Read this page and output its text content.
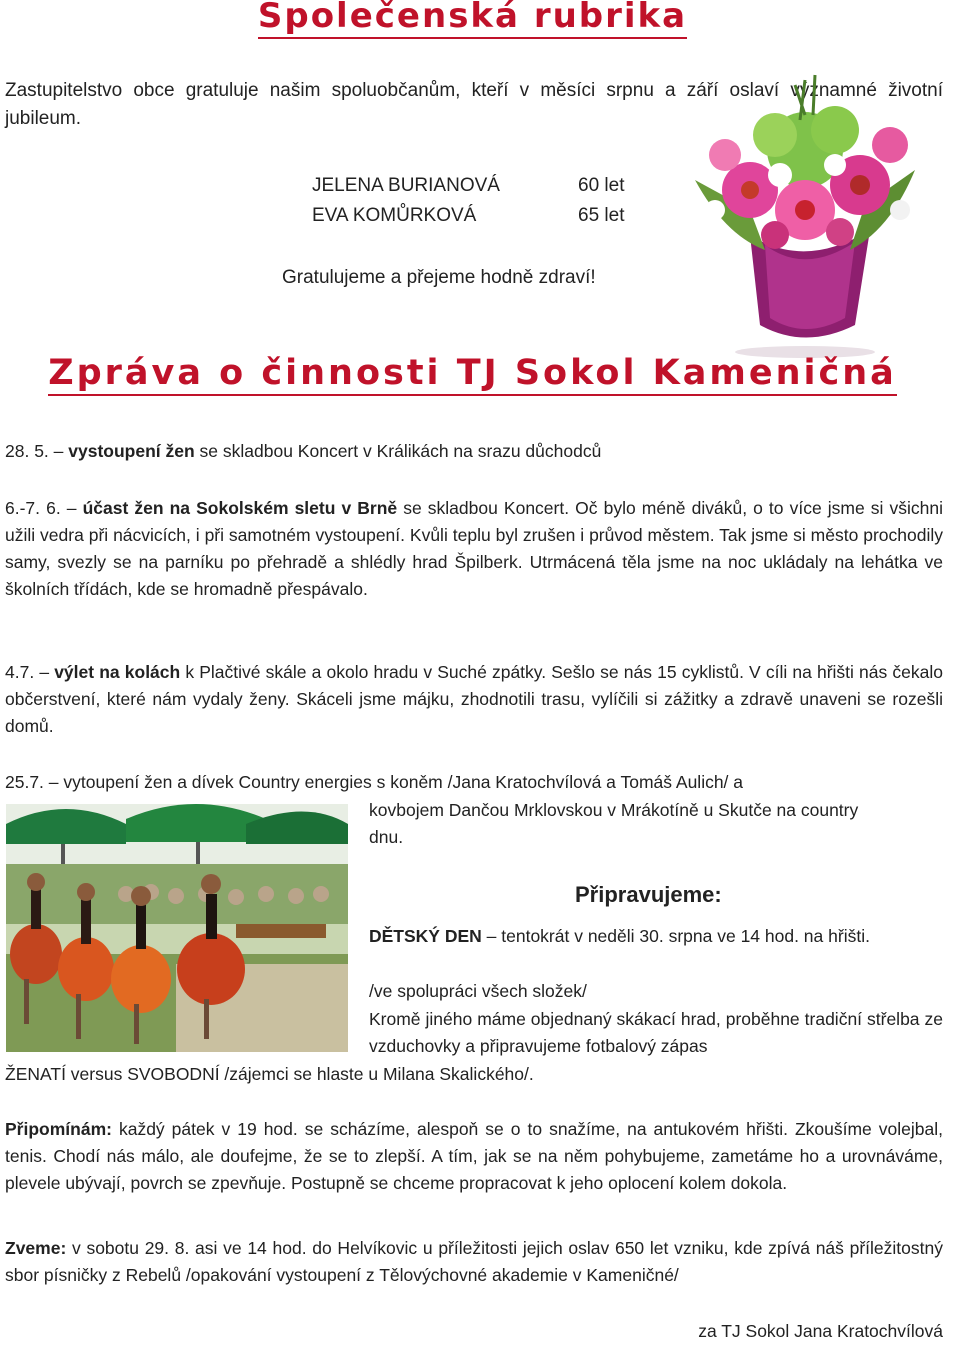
Společenská rubrika
Zastupitelstvo obce gratuluje našim spoluobčanům, kteří v měsíci srpnu a září oslaví významné životní jubileum.
JELENA BURIANOVÁ	60 let
EVA KOMŮRKOVÁ	65 let
Gratulujeme a přejeme hodně zdraví!
Zpráva o činnosti TJ Sokol Kameničná
28. 5. – vystoupení žen se skladbou Koncert v Králikách na srazu důchodců
6.-7. 6. – účast žen na Sokolském sletu v Brně se skladbou Koncert. Oč bylo méně diváků, o to více jsme si všichni užili vedra při nácvicích, i při samotném vystoupení. Kvůli teplu byl zrušen i průvod městem. Tak jsme si město prochodily samy, svezly se na parníku po přehradě a shlédly hrad Špilberk. Utrmácená těla jsme na noc ukládaly na lehátka ve školních třídách, kde se hromadně přespávalo.
4.7. – výlet na kolách k Plačtivé skále a okolo hradu v Suché zpátky. Sešlo se nás 15 cyklistů. V cíli na hřišti nás čekalo občerstvení, které nám vydaly ženy. Skáceli jsme májku, zhodnotili trasu, vylíčili si zážitky a zdravě unaveni se rozešli domů.
25.7. – vytoupení žen a dívek Country energies s koněm /Jana Kratochvílová a Tomáš Aulich/ a
kovbojem Dančou Mrklovskou v Mrákotíně u Skutče na country dnu.
Připravujeme:
DĚTSKÝ DEN – tentokrát v neděli 30. srpna ve 14 hod. na hřišti.
/ve spolupráci všech složek/
Kromě jiného máme objednaný skákací hrad, proběhne tradiční střelba ze vzduchovky a připravujeme fotbalový zápas
ŽENATÍ versus SVOBODNÍ /zájemci se hlaste u Milana Skalického/.
Připomínám: každý pátek v 19 hod. se scházíme, alespoň se o to snažíme, na antukovém hřišti. Zkoušíme volejbal, tenis. Chodí nás málo, ale doufejme, že se to zlepší. A tím, jak se na něm pohybujeme, zametáme ho a urovnáváme, plevele ubývají, povrch se zpevňuje. Postupně se chceme propracovat k jeho oplocení kolem dokola.
Zveme: v sobotu 29. 8. asi ve 14 hod. do Helvíkovic u příležitosti jejich oslav 650 let vzniku, kde zpívá náš příležitostný sbor písničky z Rebelů /opakování vystoupení z Tělovýchovné akademie v Kameničné/
za TJ Sokol Jana Kratochvílová
